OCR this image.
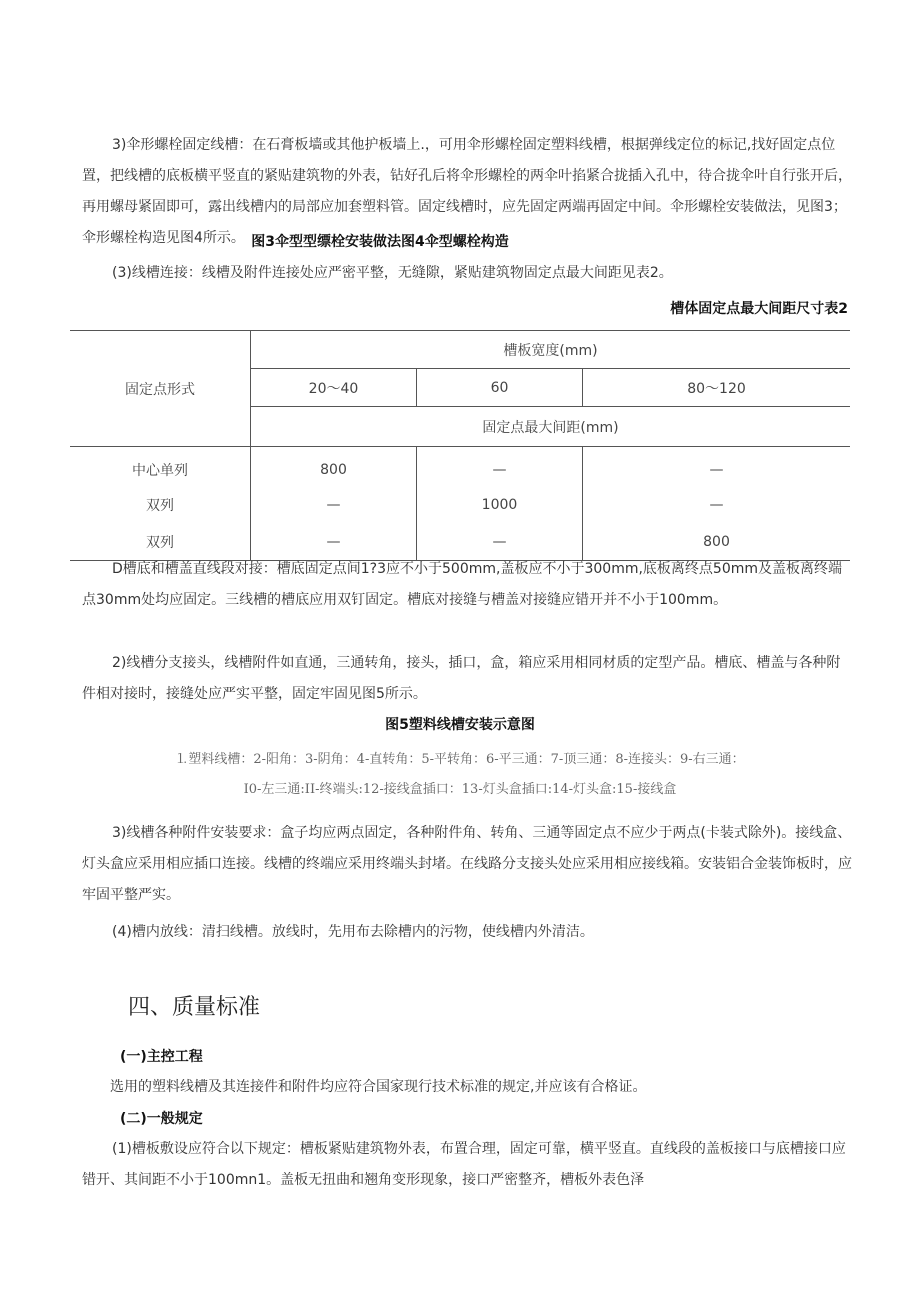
3)伞形螺栓固定线槽：在石膏板墙或其他护板墙上.，可用伞形螺栓固定塑料线槽，根据弹线定位的标记,找好固定点位置，把线槽的底板横平竖直的紧贴建筑物的外表，钻好孔后将伞形螺栓的两伞叶掐紧合拢插入孔中，待合拢伞叶自行张开后，再用螺母紧固即可，露出线槽内的局部应加套塑料管。固定线槽时，应先固定两端再固定中间。伞形螺栓安装做法，见图3；伞形螺栓构造见图4所示。 图3伞型型缥栓安装做法图4伞型螺栓构造

(3)线槽连接：线槽及附件连接处应严密平整，无缝隙，紧贴建筑物固定点最大间距见表2。

槽体固定点最大间距尺寸表2
固定点形式	槽板宽度(mm)		
	20～40	60	80～120
	固定点最大间距(mm)		
中心单列	800	—	—
双列	—	1000	—
双列	—	—	800

D槽底和槽盖直线段对接：槽底固定点间1?3应不小于500mm,盖板应不小于300mm,底板离终点50mm及盖板离终端点30mm处均应固定。三线槽的槽底应用双钉固定。槽底对接缝与槽盖对接缝应错开并不小于100mm。

2)线槽分支接头，线槽附件如直通，三通转角，接头，插口，盒，箱应采用相同材质的定型产品。槽底、槽盖与各种附件相对接时，接缝处应严实平整，固定牢固见图5所示。

图5塑料线槽安装示意图
⒈塑料线槽：2-阳角：3-阴角：4-直转角：5-平转角：6-平三通：7-顶三通：8-连接头：9-右三通：
I0-左三通:II-终端头:12-接线盒插口：13-灯头盒插口:14-灯头盒:15-接线盒

3)线槽各种附件安装要求：盒子均应两点固定，各种附件角、转角、三通等固定点不应少于两点(卡装式除外)。接线盒、灯头盒应采用相应插口连接。线槽的终端应采用终端头封堵。在线路分支接头处应采用相应接线箱。安装铝合金装饰板时，应牢固平整严实。

(4)槽内放线：清扫线槽。放线时，先用布去除槽内的污物，使线槽内外清洁。

四、质量标准
(一)主控工程

选用的塑料线槽及其连接件和附件均应符合国家现行技术标准的规定,并应该有合格证。

(二)一般规定

(1)槽板敷设应符合以下规定：槽板紧贴建筑物外表，布置合理，固定可靠，横平竖直。直线段的盖板接口与底槽接口应错开、其间距不小于100mn1。盖板无扭曲和翘角变形现象，接口严密整齐，槽板外表色泽
